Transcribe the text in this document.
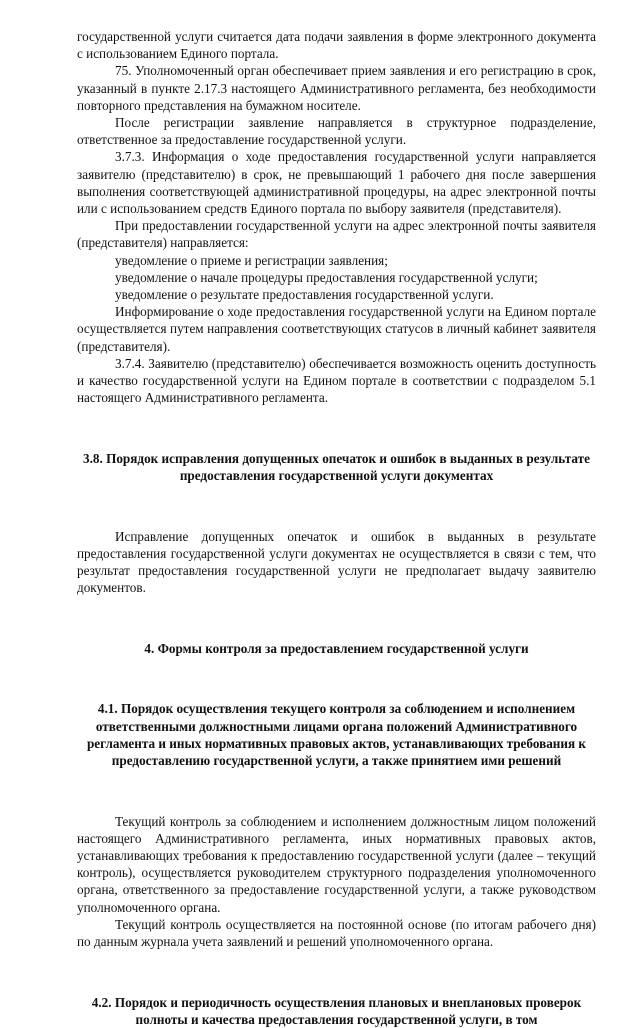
государственной услуги считается дата подачи заявления в форме электронного документа с использованием Единого портала.

75. Уполномоченный орган обеспечивает прием заявления и его регистрацию в срок, указанный в пункте 2.17.3 настоящего Административного регламента, без необходимости повторного представления на бумажном носителе.

После регистрации заявление направляется в структурное подразделение, ответственное за предоставление государственной услуги.

3.7.3. Информация о ходе предоставления государственной услуги направляется заявителю (представителю) в срок, не превышающий 1 рабочего дня после завершения выполнения соответствующей административной процедуры, на адрес электронной почты или с использованием средств Единого портала по выбору заявителя (представителя).

При предоставлении государственной услуги на адрес электронной почты заявителя (представителя) направляется:

уведомление о приеме и регистрации заявления;

уведомление о начале процедуры предоставления государственной услуги;

уведомление о результате предоставления государственной услуги.

Информирование о ходе предоставления государственной услуги на Едином портале осуществляется путем направления соответствующих статусов в личный кабинет заявителя (представителя).

3.7.4. Заявителю (представителю) обеспечивается возможность оценить доступность и качество государственной услуги на Едином портале в соответствии с подразделом 5.1 настоящего Административного регламента.

3.8. Порядок исправления допущенных опечаток и ошибок в выданных в результате предоставления государственной услуги документах

Исправление допущенных опечаток и ошибок в выданных в результате предоставления государственной услуги документах не осуществляется в связи с тем, что результат предоставления государственной услуги не предполагает выдачу заявителю документов.

4. Формы контроля за предоставлением государственной услуги

4.1. Порядок осуществления текущего контроля за соблюдением и исполнением ответственными должностными лицами органа положений Административного регламента и иных нормативных правовых актов, устанавливающих требования к предоставлению государственной услуги, а также принятием ими решений

Текущий контроль за соблюдением и исполнением должностным лицом положений настоящего Административного регламента, иных нормативных правовых актов, устанавливающих требования к предоставлению государственной услуги (далее – текущий контроль), осуществляется руководителем структурного подразделения уполномоченного органа, ответственного за предоставление государственной услуги, а также руководством уполномоченного органа.

Текущий контроль осуществляется на постоянной основе (по итогам рабочего дня) по данным журнала учета заявлений и решений уполномоченного органа.

4.2. Порядок и периодичность осуществления плановых и внеплановых проверок полноты и качества предоставления государственной услуги, в том
